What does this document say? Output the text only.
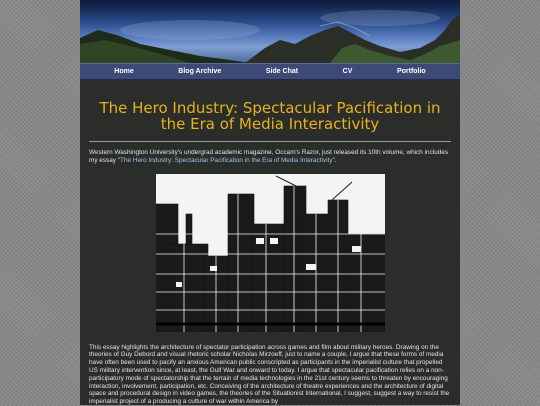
Home	Blog Archive	Side Chat	CV	Portfolio
The Hero Industry: Spectacular Pacification in the Era of Media Interactivity

Western Washington University's undergrad academic magazine, Occam's Razor, just released its 10th volume, which includes my essay "The Hero Industry: Spectacular Pacification in the Era of Media Interactivity".

This essay highlights the architecture of spectator participation across games and film about military heroes. Drawing on the theories of Guy Debord and visual rhetoric scholar Nicholas Mirzoeff, just to name a couple, I argue that these forms of media have often been used to pacify an anxious American public conscripted as participants in the imperialist culture that propelled US military intervention since, at least, the Gulf War and onward to today. I argue that spectacular pacification relies on a non-participatory mode of spectatorship that the terrain of media technologies in the 21st century seems to threaten by encouraging interaction, involvement, participation, etc. Conceiving of the architecture of theatre experiences and the architecture of digital space and procedural design in video games, the theories of the Situationist International, I suggest, suggest a way to resist the imperialist project of a producing a culture of war within America by
